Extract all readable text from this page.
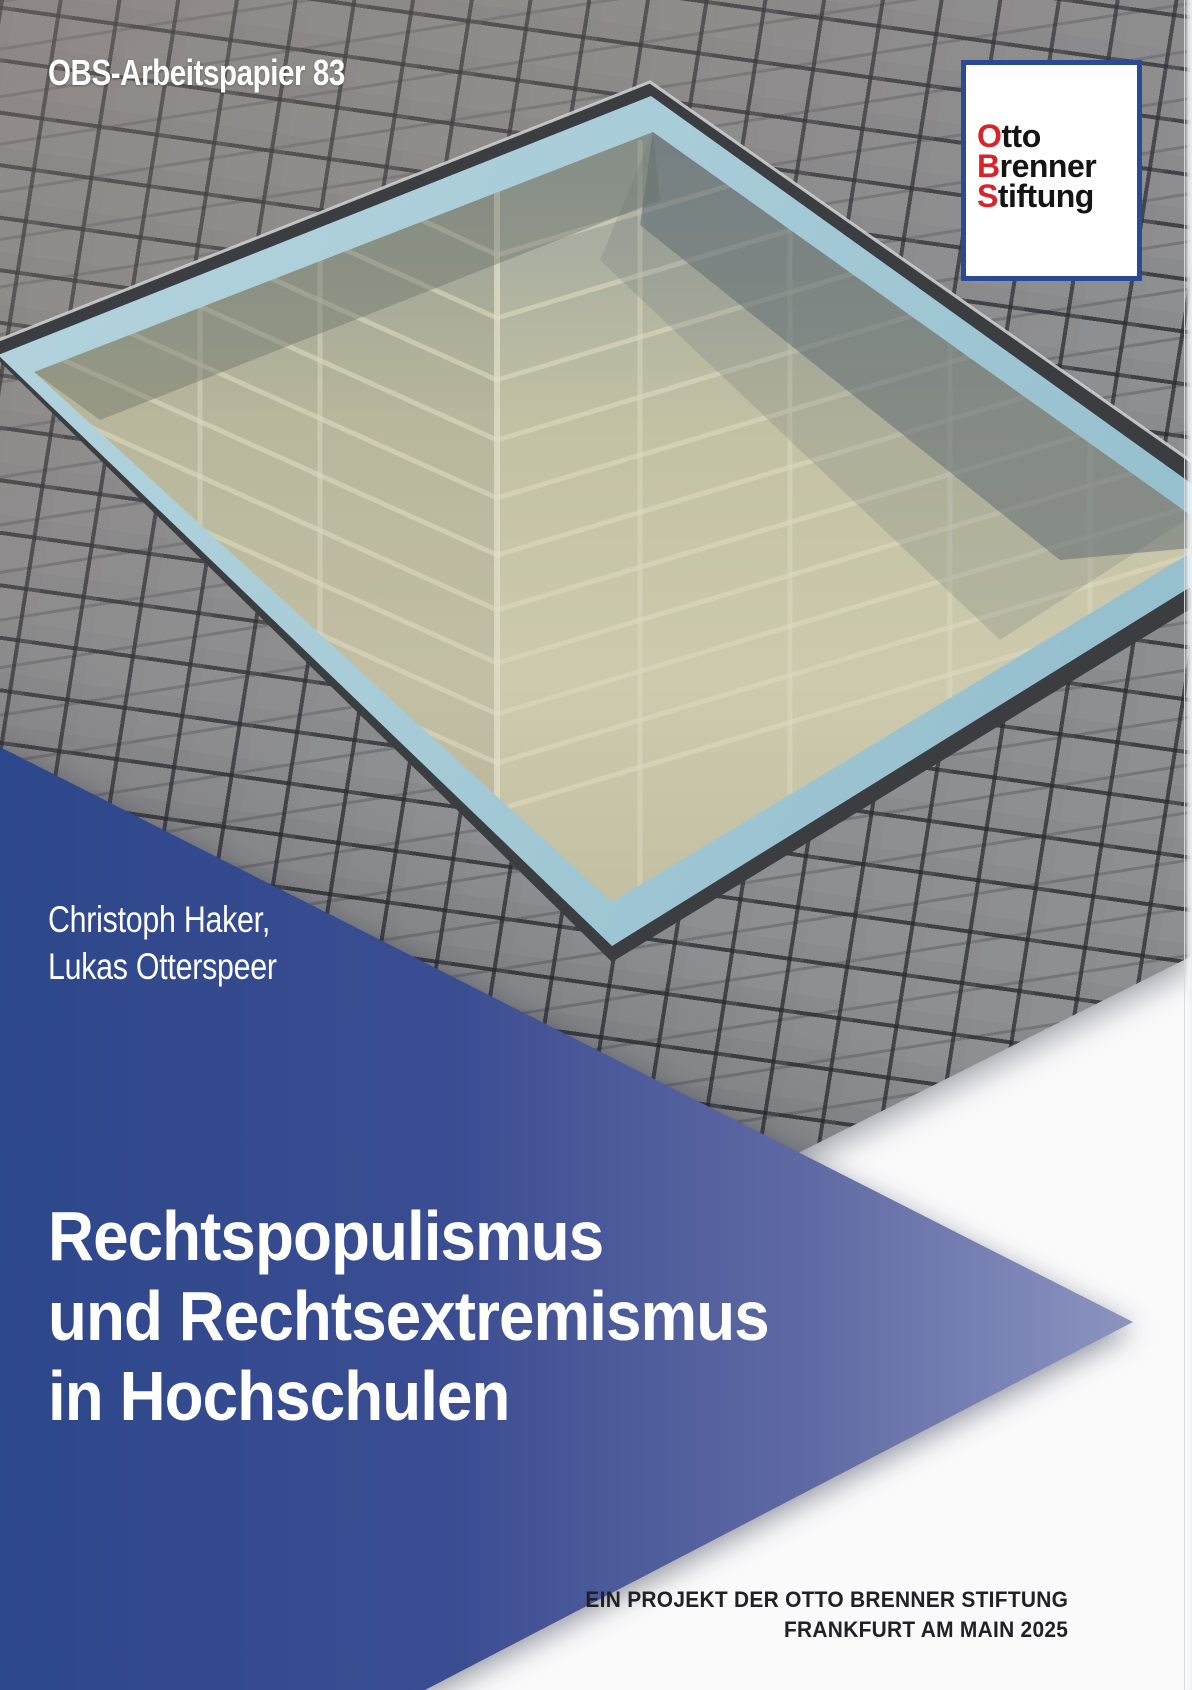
OBS-Arbeitspapier 83
Otto
Brenner
Stiftung
Christoph Haker,
Lukas Otterspeer
Rechtspopulismus
und Rechtsextremismus
in Hochschulen
EIN PROJEKT DER OTTO BRENNER STIFTUNG
FRANKFURT AM MAIN 2025
